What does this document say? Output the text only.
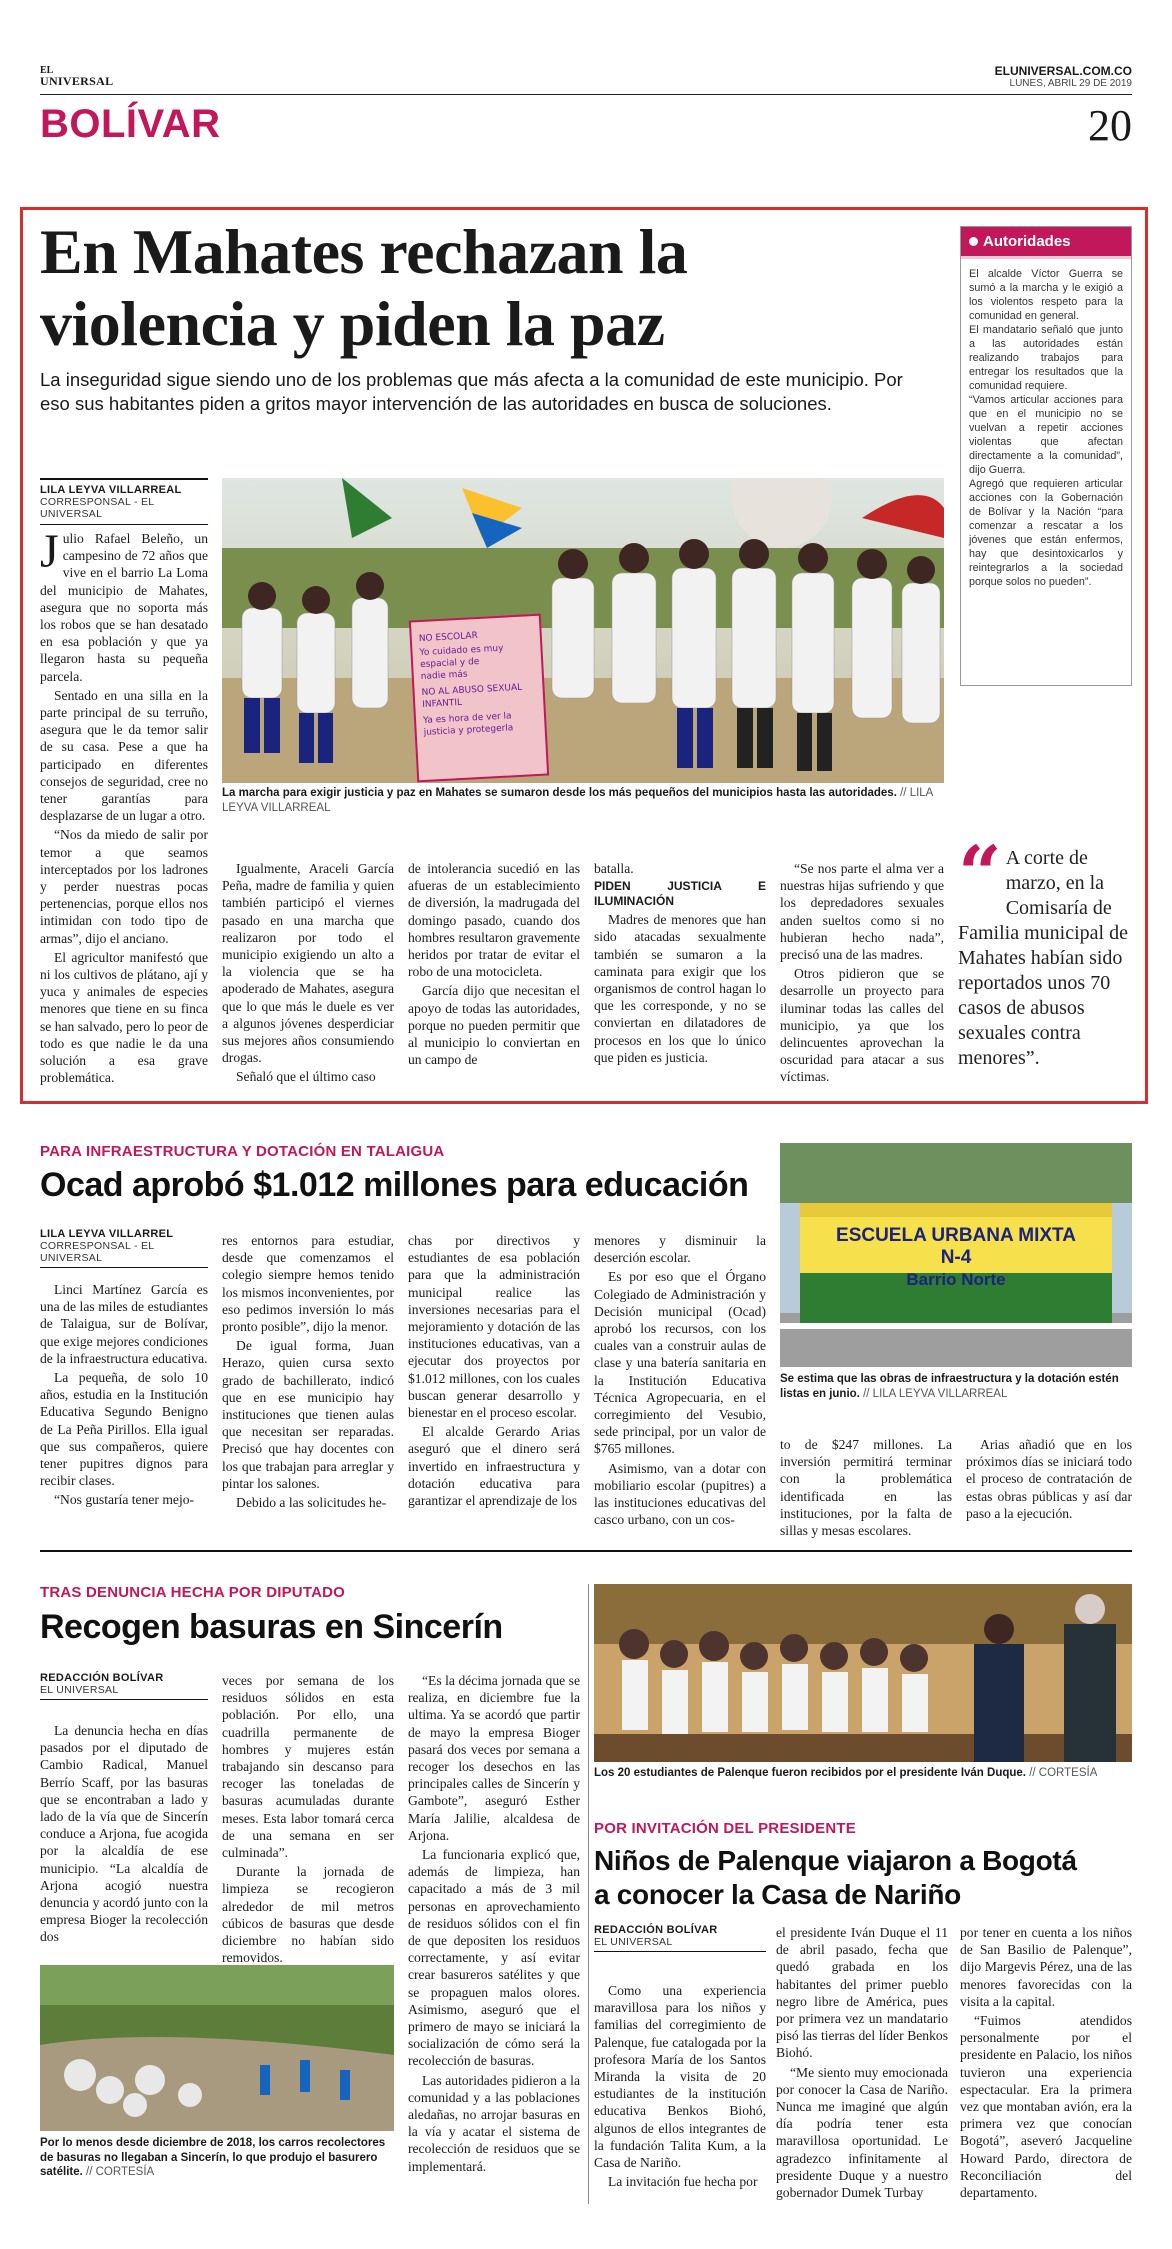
EL
UNIVERSAL
ELUNIVERSAL.COM.CO
LUNES, ABRIL 29 DE 2019
BOLÍVAR	20
En Mahates rechazan la
violencia y piden la paz
La inseguridad sigue siendo uno de los problemas que más afecta a la comunidad de este municipio. Por eso sus habitantes piden a gritos mayor intervención de las autoridades en busca de soluciones.
LILA LEYVA VILLARREAL
CORRESPONSAL - EL UNIVERSAL

Julio Rafael Beleño, un campesino de 72 años que vive en el barrio La Loma del municipio de Mahates, asegura que no soporta más los robos que se han desatado en esa población y que ya llegaron hasta su pequeña parcela.

Sentado en una silla en la parte principal de su terruño, asegura que le da temor salir de su casa. Pese a que ha participado en diferentes consejos de seguridad, cree no tener garantías para desplazarse de un lugar a otro.

“Nos da miedo de salir por temor a que seamos interceptados por los ladrones y perder nuestras pocas pertenencias, porque ellos nos intimidan con todo tipo de armas”, dijo el anciano.

El agricultor manifestó que ni los cultivos de plátano, ají y yuca y animales de especies menores que tiene en su finca se han salvado, pero lo peor de todo es que nadie le da una solución a esa grave problemática.

NO ESCOLAR Yo cuidado es muy espacial y de nadie más NO AL ABUSO SEXUAL INFANTIL Ya es hora de ver la justicia y protegerla
La marcha para exigir justicia y paz en Mahates se sumaron desde los más pequeños del municipios hasta las autoridades. // LILA LEYVA VILLARREAL

Igualmente, Araceli García Peña, madre de familia y quien también participó el viernes pasado en una marcha que realizaron por todo el municipio exigiendo un alto a la violencia que se ha apoderado de Mahates, asegura que lo que más le duele es ver a algunos jóvenes desperdiciar sus mejores años consumiendo drogas.

Señaló que el último caso

de intolerancia sucedió en las afueras de un establecimiento de diversión, la madrugada del domingo pasado, cuando dos hombres resultaron gravemente heridos por tratar de evitar el robo de una motocicleta.

García dijo que necesitan el apoyo de todas las autoridades, porque no pueden permitir que al municipio lo conviertan en un campo de

batalla.

PIDEN JUSTICIA E ILUMINACIÓN

Madres de menores que han sido atacadas sexualmente también se sumaron a la caminata para exigir que los organismos de control hagan lo que les corresponde, y no se conviertan en dilatadores de procesos en los que lo único que piden es justicia.

“Se nos parte el alma ver a nuestras hijas sufriendo y que los depredadores sexuales anden sueltos como si no hubieran hecho nada”, precisó una de las madres.

Otros pidieron que se desarrolle un proyecto para iluminar todas las calles del municipio, ya que los delincuentes aprovechan la oscuridad para atacar a sus víctimas.

Autoridades
El alcalde Víctor Guerra se sumó a la marcha y le exigió a los violentos respeto para la comunidad en general.
El mandatario señaló que junto a las autoridades están realizando trabajos para entregar los resultados que la comunidad requiere.
“Vamos articular acciones para que en el municipio no se vuelvan a repetir acciones violentas que afectan directamente a la comunidad”, dijo Guerra.
Agregó que requieren articular acciones con la Gobernación de Bolívar y la Nación “para comenzar a rescatar a los jóvenes que están enfermos, hay que desintoxicarlos y reintegrarlos a la sociedad porque solos no pueden”.
“ A corte de marzo, en la Comisaría de Familia municipal de Mahates habían sido reportados unos 70 casos de abusos sexuales contra menores”.
PARA INFRAESTRUCTURA Y DOTACIÓN EN TALAIGUA
Ocad aprobó $1.012 millones para educación
LILA LEYVA VILLARREL
CORRESPONSAL - EL UNIVERSAL

Linci Martínez García es una de las miles de estudiantes de Talaigua, sur de Bolívar, que exige mejores condiciones de la infraestructura educativa.

La pequeña, de solo 10 años, estudia en la Institución Educativa Segundo Benigno de La Peña Pirillos. Ella igual que sus compañeros, quiere tener pupitres dignos para recibir clases.

“Nos gustaría tener mejo-

res entornos para estudiar, desde que comenzamos el colegio siempre hemos tenido los mismos inconvenientes, por eso pedimos inversión lo más pronto posible”, dijo la menor.

De igual forma, Juan Herazo, quien cursa sexto grado de bachillerato, indicó que en ese municipio hay instituciones que tienen aulas que necesitan ser reparadas. Precisó que hay docentes con los que trabajan para arreglar y pintar los salones.

Debido a las solicitudes he-

chas por directivos y estudiantes de esa población para que la administración municipal realice las inversiones necesarias para el mejoramiento y dotación de las instituciones educativas, van a ejecutar dos proyectos por $1.012 millones, con los cuales buscan generar desarrollo y bienestar en el proceso escolar.

El alcalde Gerardo Arias aseguró que el dinero será invertido en infraestructura y dotación educativa para garantizar el aprendizaje de los

menores y disminuir la deserción escolar.

Es por eso que el Órgano Colegiado de Administración y Decisión municipal (Ocad) aprobó los recursos, con los cuales van a construir aulas de clase y una batería sanitaria en la Institución Educativa Técnica Agropecuaria, en el corregimiento del Vesubio, sede principal, por un valor de $765 millones.

Asimismo, van a dotar con mobiliario escolar (pupitres) a las instituciones educativas del casco urbano, con un cos-

to de $247 millones. La inversión permitirá terminar con la problemática identificada en las instituciones, por la falta de sillas y mesas escolares.

Arias añadió que en los próximos días se iniciará todo el proceso de contratación de estas obras públicas y así dar paso a la ejecución.

ESCUELA URBANA MIXTA
N-4
Barrio Norte
Se estima que las obras de infraestructura y la dotación estén listas en junio. // LILA LEYVA VILLARREAL
TRAS DENUNCIA HECHA POR DIPUTADO
Recogen basuras en Sincerín
REDACCIÓN BOLÍVAR
EL UNIVERSAL

La denuncia hecha en días pasados por el diputado de Cambio Radical, Manuel Berrío Scaff, por las basuras que se encontraban a lado y lado de la vía que de Sincerín conduce a Arjona, fue acogida por la alcaldía de ese municipio. “La alcaldía de Arjona acogió nuestra denuncia y acordó junto con la empresa Bioger la recolección dos

veces por semana de los residuos sólidos en esta población. Por ello, una cuadrilla permanente de hombres y mujeres están trabajando sin descanso para recoger las toneladas de basuras acumuladas durante meses. Esta labor tomará cerca de una semana en ser culminada”.

Durante la jornada de limpieza se recogieron alrededor de mil metros cúbicos de basuras que desde diciembre no habían sido removidos.

“Es la décima jornada que se realiza, en diciembre fue la ultima. Ya se acordó que partir de mayo la empresa Bioger pasará dos veces por semana a recoger los desechos en las principales calles de Sincerín y Gambote”, aseguró Esther María Jalilie, alcaldesa de Arjona.

La funcionaria explicó que, además de limpieza, han capacitado a más de 3 mil personas en aprovechamiento de residuos sólidos con el fin de que depositen los residuos correctamente, y así evitar crear basureros satélites y que se propaguen malos olores. Asimismo, aseguró que el primero de mayo se iniciará la socialización de cómo será la recolección de basuras.

Las autoridades pidieron a la comunidad y a las poblaciones aledañas, no arrojar basuras en la vía y acatar el sistema de recolección de residuos que se implementará.

Por lo menos desde diciembre de 2018, los carros recolectores de basuras no llegaban a Sincerín, lo que produjo el basurero satélite. // CORTESÍA
Los 20 estudiantes de Palenque fueron recibidos por el presidente Iván Duque. // CORTESÍA
POR INVITACIÓN DEL PRESIDENTE
Niños de Palenque viajaron a Bogotá
a conocer la Casa de Nariño
REDACCIÓN BOLÍVAR
EL UNIVERSAL

Como una experiencia maravillosa para los niños y familias del corregimiento de Palenque, fue catalogada por la profesora María de los Santos Miranda la visita de 20 estudiantes de la institución educativa Benkos Biohó, algunos de ellos integrantes de la fundación Talita Kum, a la Casa de Nariño.

La invitación fue hecha por

el presidente Iván Duque el 11 de abril pasado, fecha que quedó grabada en los habitantes del primer pueblo negro libre de América, pues por primera vez un mandatario pisó las tierras del líder Benkos Biohó.

“Me siento muy emocionada por conocer la Casa de Nariño. Nunca me imaginé que algún día podría tener esta maravillosa oportunidad. Le agradezco infinitamente al presidente Duque y a nuestro gobernador Dumek Turbay

por tener en cuenta a los niños de San Basilio de Palenque”, dijo Margevis Pérez, una de las menores favorecidas con la visita a la capital.

“Fuimos atendidos personalmente por el presidente en Palacio, los niños tuvieron una experiencia espectacular. Era la primera vez que montaban avión, era la primera vez que conocían Bogotá”, aseveró Jacqueline Howard Pardo, directora de Reconciliación del departamento.
